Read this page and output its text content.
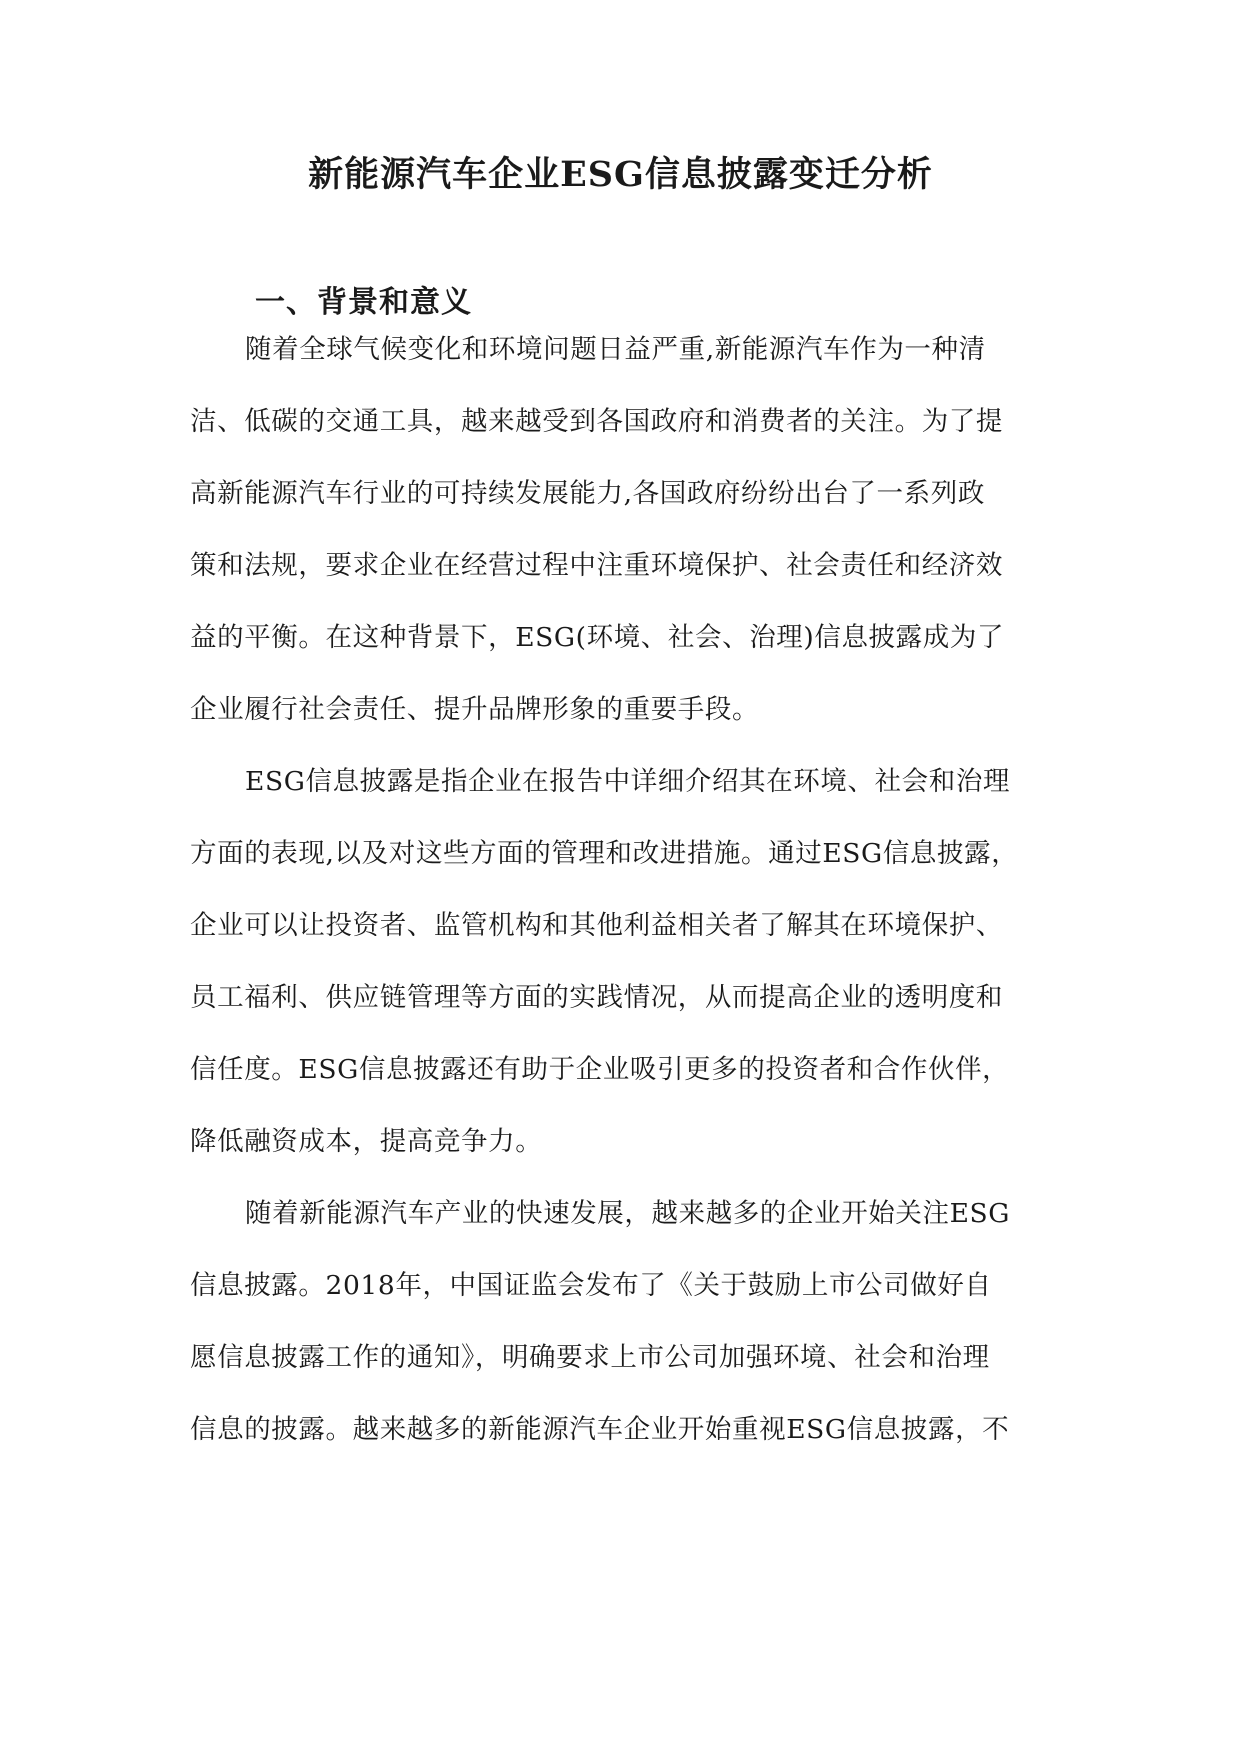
新能源汽车企业ESG信息披露变迁分析
一、背景和意义

随着全球气候变化和环境问题日益严重,新能源汽车作为一种清

洁、低碳的交通工具，越来越受到各国政府和消费者的关注。为了提

高新能源汽车行业的可持续发展能力,各国政府纷纷出台了一系列政

策和法规，要求企业在经营过程中注重环境保护、社会责任和经济效

益的平衡。在这种背景下，ESG(环境、社会、治理)信息披露成为了

企业履行社会责任、提升品牌形象的重要手段。

ESG信息披露是指企业在报告中详细介绍其在环境、社会和治理

方面的表现,以及对这些方面的管理和改进措施。通过ESG信息披露，

企业可以让投资者、监管机构和其他利益相关者了解其在环境保护、

员工福利、供应链管理等方面的实践情况，从而提高企业的透明度和

信任度。ESG信息披露还有助于企业吸引更多的投资者和合作伙伴，

降低融资成本，提高竞争力。

随着新能源汽车产业的快速发展，越来越多的企业开始关注ESG

信息披露。2018年，中国证监会发布了《关于鼓励上市公司做好自

愿信息披露工作的通知》，明确要求上市公司加强环境、社会和治理

信息的披露。越来越多的新能源汽车企业开始重视ESG信息披露，不
